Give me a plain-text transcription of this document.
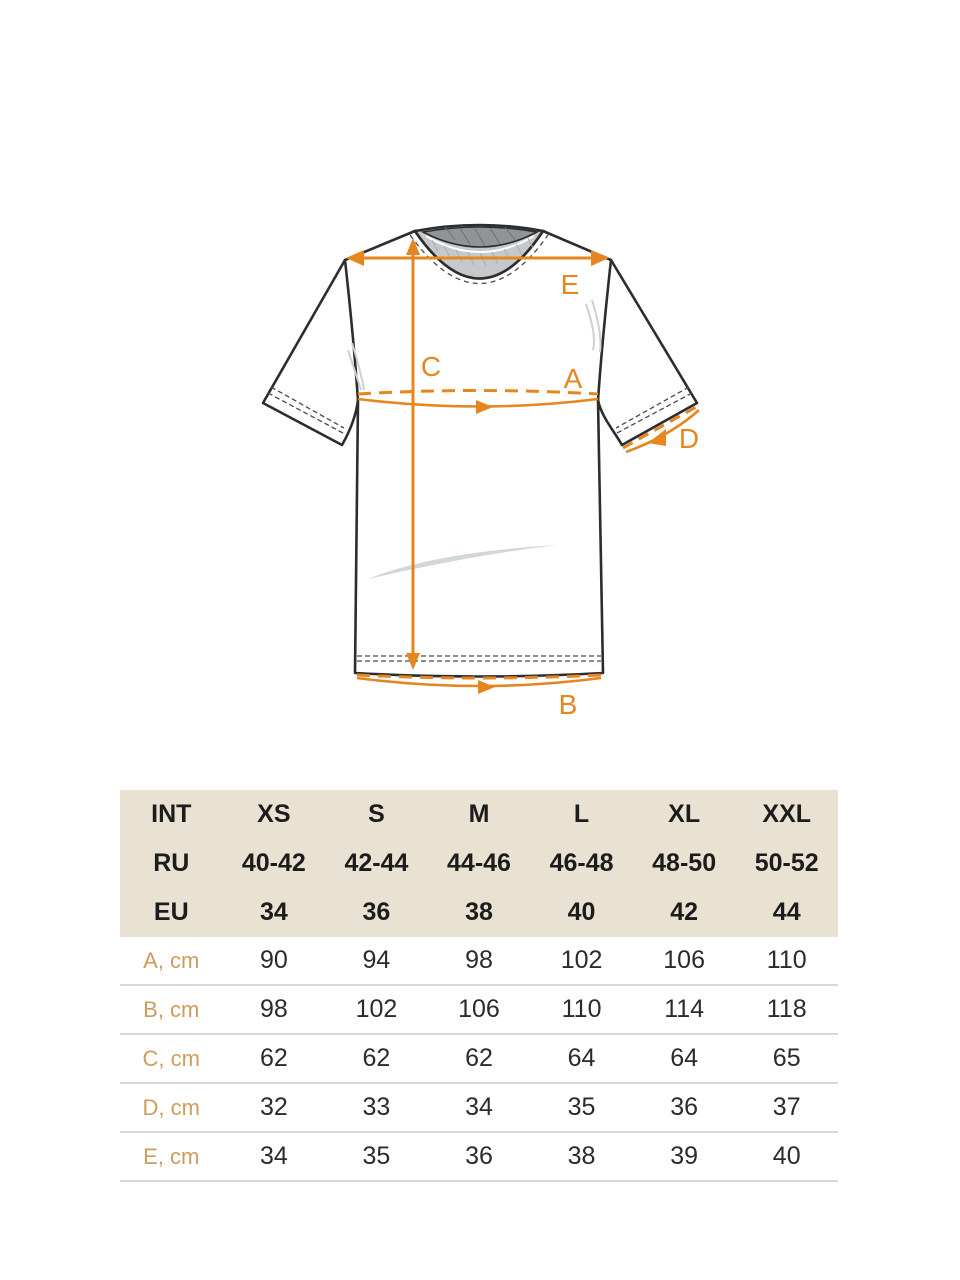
E
C	A
D
B
INT	XS	S	M	L	XL	XXL
RU	40-42	42-44	44-46	46-48	48-50	50-52
EU	34	36	38	40	42	44
A, cm	90	94	98	102	106	110
B, cm	98	102	106	110	114	118
C, cm	62	62	62	64	64	65
D, cm	32	33	34	35	36	37
E, cm	34	35	36	38	39	40
